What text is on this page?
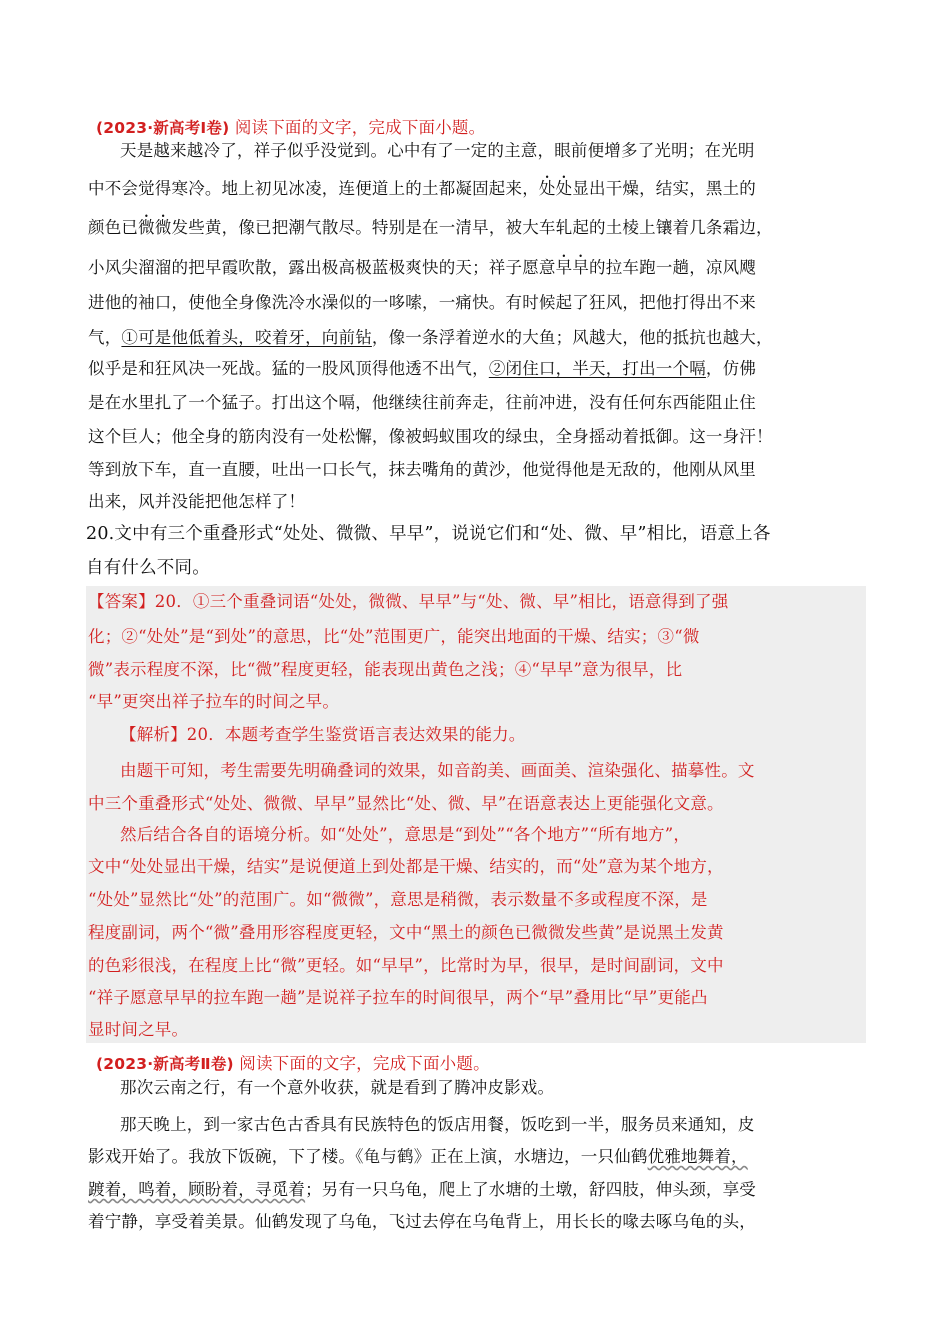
(2023·新高考Ⅰ卷) 阅读下面的文字，完成下面小题。
天是越来越冷了，祥子似乎没觉到。心中有了一定的主意，眼前便增多了光明；在光明
中不会觉得寒冷。地上初见冰凌，连便道上的土都凝固起来，处处显出干燥，结实，黑土的
颜色已微微发些黄，像已把潮气散尽。特别是在一清早，被大车轧起的土棱上镶着几条霜边，
小风尖溜溜的把早霞吹散，露出极高极蓝极爽快的天；祥子愿意早早的拉车跑一趟，凉风飕
进他的袖口，使他全身像洗冷水澡似的一哆嗦，一痛快。有时候起了狂风，把他打得出不来
气，①可是他低着头，咬着牙，向前钻，像一条浮着逆水的大鱼；风越大，他的抵抗也越大，
似乎是和狂风决一死战。猛的一股风顶得他透不出气，②闭住口，半天，打出一个嗝，仿佛
是在水里扎了一个猛子。打出这个嗝，他继续往前奔走，往前冲进，没有任何东西能阻止住
这个巨人；他全身的筋肉没有一处松懈，像被蚂蚁围攻的绿虫，全身摇动着抵御。这一身汗！
等到放下车，直一直腰，吐出一口长气，抹去嘴角的黄沙，他觉得他是无敌的，他刚从风里
出来，风并没能把他怎样了！
20.文中有三个重叠形式“处处、微微、早早”，说说它们和“处、微、早”相比，语意上各
自有什么不同。
【答案】20．①三个重叠词语“处处，微微、早早”与“处、微、早”相比，语意得到了强
化；②“处处”是“到处”的意思，比“处”范围更广，能突出地面的干燥、结实；③“微
微”表示程度不深，比“微”程度更轻，能表现出黄色之浅；④“早早”意为很早，比
“早”更突出祥子拉车的时间之早。
【解析】20．本题考查学生鉴赏语言表达效果的能力。
由题干可知，考生需要先明确叠词的效果，如音韵美、画面美、渲染强化、描摹性。文
中三个重叠形式“处处、微微、早早”显然比“处、微、早”在语意表达上更能强化文意。
然后结合各自的语境分析。如“处处”，意思是“到处”“各个地方”“所有地方”，
文中“处处显出干燥，结实”是说便道上到处都是干燥、结实的，而“处”意为某个地方，
“处处”显然比“处”的范围广。如“微微”，意思是稍微，表示数量不多或程度不深，是
程度副词，两个“微”叠用形容程度更轻，文中“黑土的颜色已微微发些黄”是说黑土发黄
的色彩很浅，在程度上比“微”更轻。如“早早”，比常时为早，很早，是时间副词，文中
“祥子愿意早早的拉车跑一趟”是说祥子拉车的时间很早，两个“早”叠用比“早”更能凸
显时间之早。
(2023·新高考Ⅱ卷) 阅读下面的文字，完成下面小题。
那次云南之行，有一个意外收获，就是看到了腾冲皮影戏。
那天晚上，到一家古色古香具有民族特色的饭店用餐，饭吃到一半，服务员来通知，皮
影戏开始了。我放下饭碗，下了楼。《龟与鹤》正在上演，水塘边，一只仙鹤优雅地舞着，
踱着，鸣着，顾盼着，寻觅着；另有一只乌龟，爬上了水塘的土墩，舒四肢，伸头颈，享受
着宁静，享受着美景。仙鹤发现了乌龟，飞过去停在乌龟背上，用长长的喙去啄乌龟的头，
